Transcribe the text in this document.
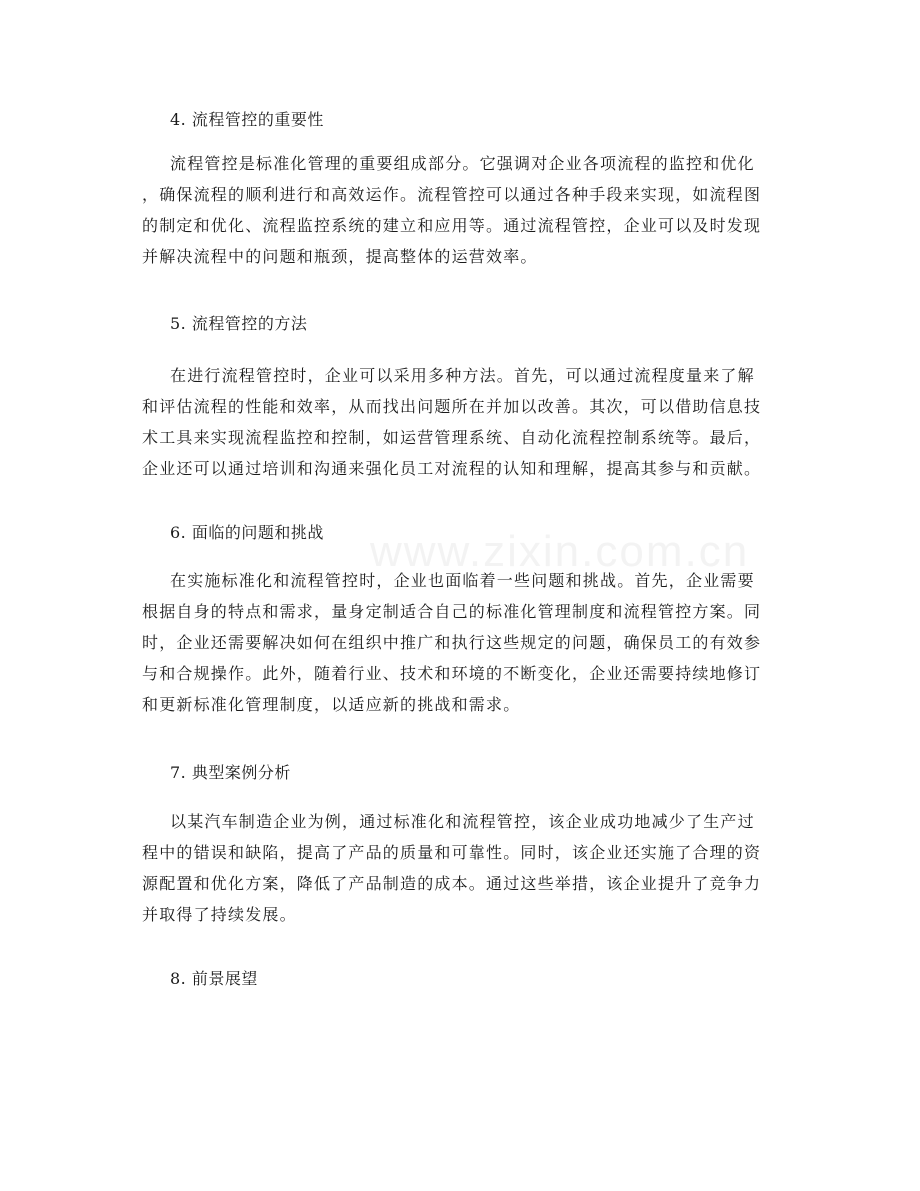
www.zixin.com.cn
4. 流程管控的重要性
流程管控是标准化管理的重要组成部分。它强调对企业各项流程的监控和优化
，确保流程的顺利进行和高效运作。流程管控可以通过各种手段来实现，如流程图
的制定和优化、流程监控系统的建立和应用等。通过流程管控，企业可以及时发现
并解决流程中的问题和瓶颈，提高整体的运营效率。
5. 流程管控的方法
在进行流程管控时，企业可以采用多种方法。首先，可以通过流程度量来了解
和评估流程的性能和效率，从而找出问题所在并加以改善。其次，可以借助信息技
术工具来实现流程监控和控制，如运营管理系统、自动化流程控制系统等。最后，
企业还可以通过培训和沟通来强化员工对流程的认知和理解，提高其参与和贡献。
6. 面临的问题和挑战
在实施标准化和流程管控时，企业也面临着一些问题和挑战。首先，企业需要
根据自身的特点和需求，量身定制适合自己的标准化管理制度和流程管控方案。同
时，企业还需要解决如何在组织中推广和执行这些规定的问题，确保员工的有效参
与和合规操作。此外，随着行业、技术和环境的不断变化，企业还需要持续地修订
和更新标准化管理制度，以适应新的挑战和需求。
7. 典型案例分析
以某汽车制造企业为例，通过标准化和流程管控，该企业成功地减少了生产过
程中的错误和缺陷，提高了产品的质量和可靠性。同时，该企业还实施了合理的资
源配置和优化方案，降低了产品制造的成本。通过这些举措，该企业提升了竞争力
并取得了持续发展。
8. 前景展望
